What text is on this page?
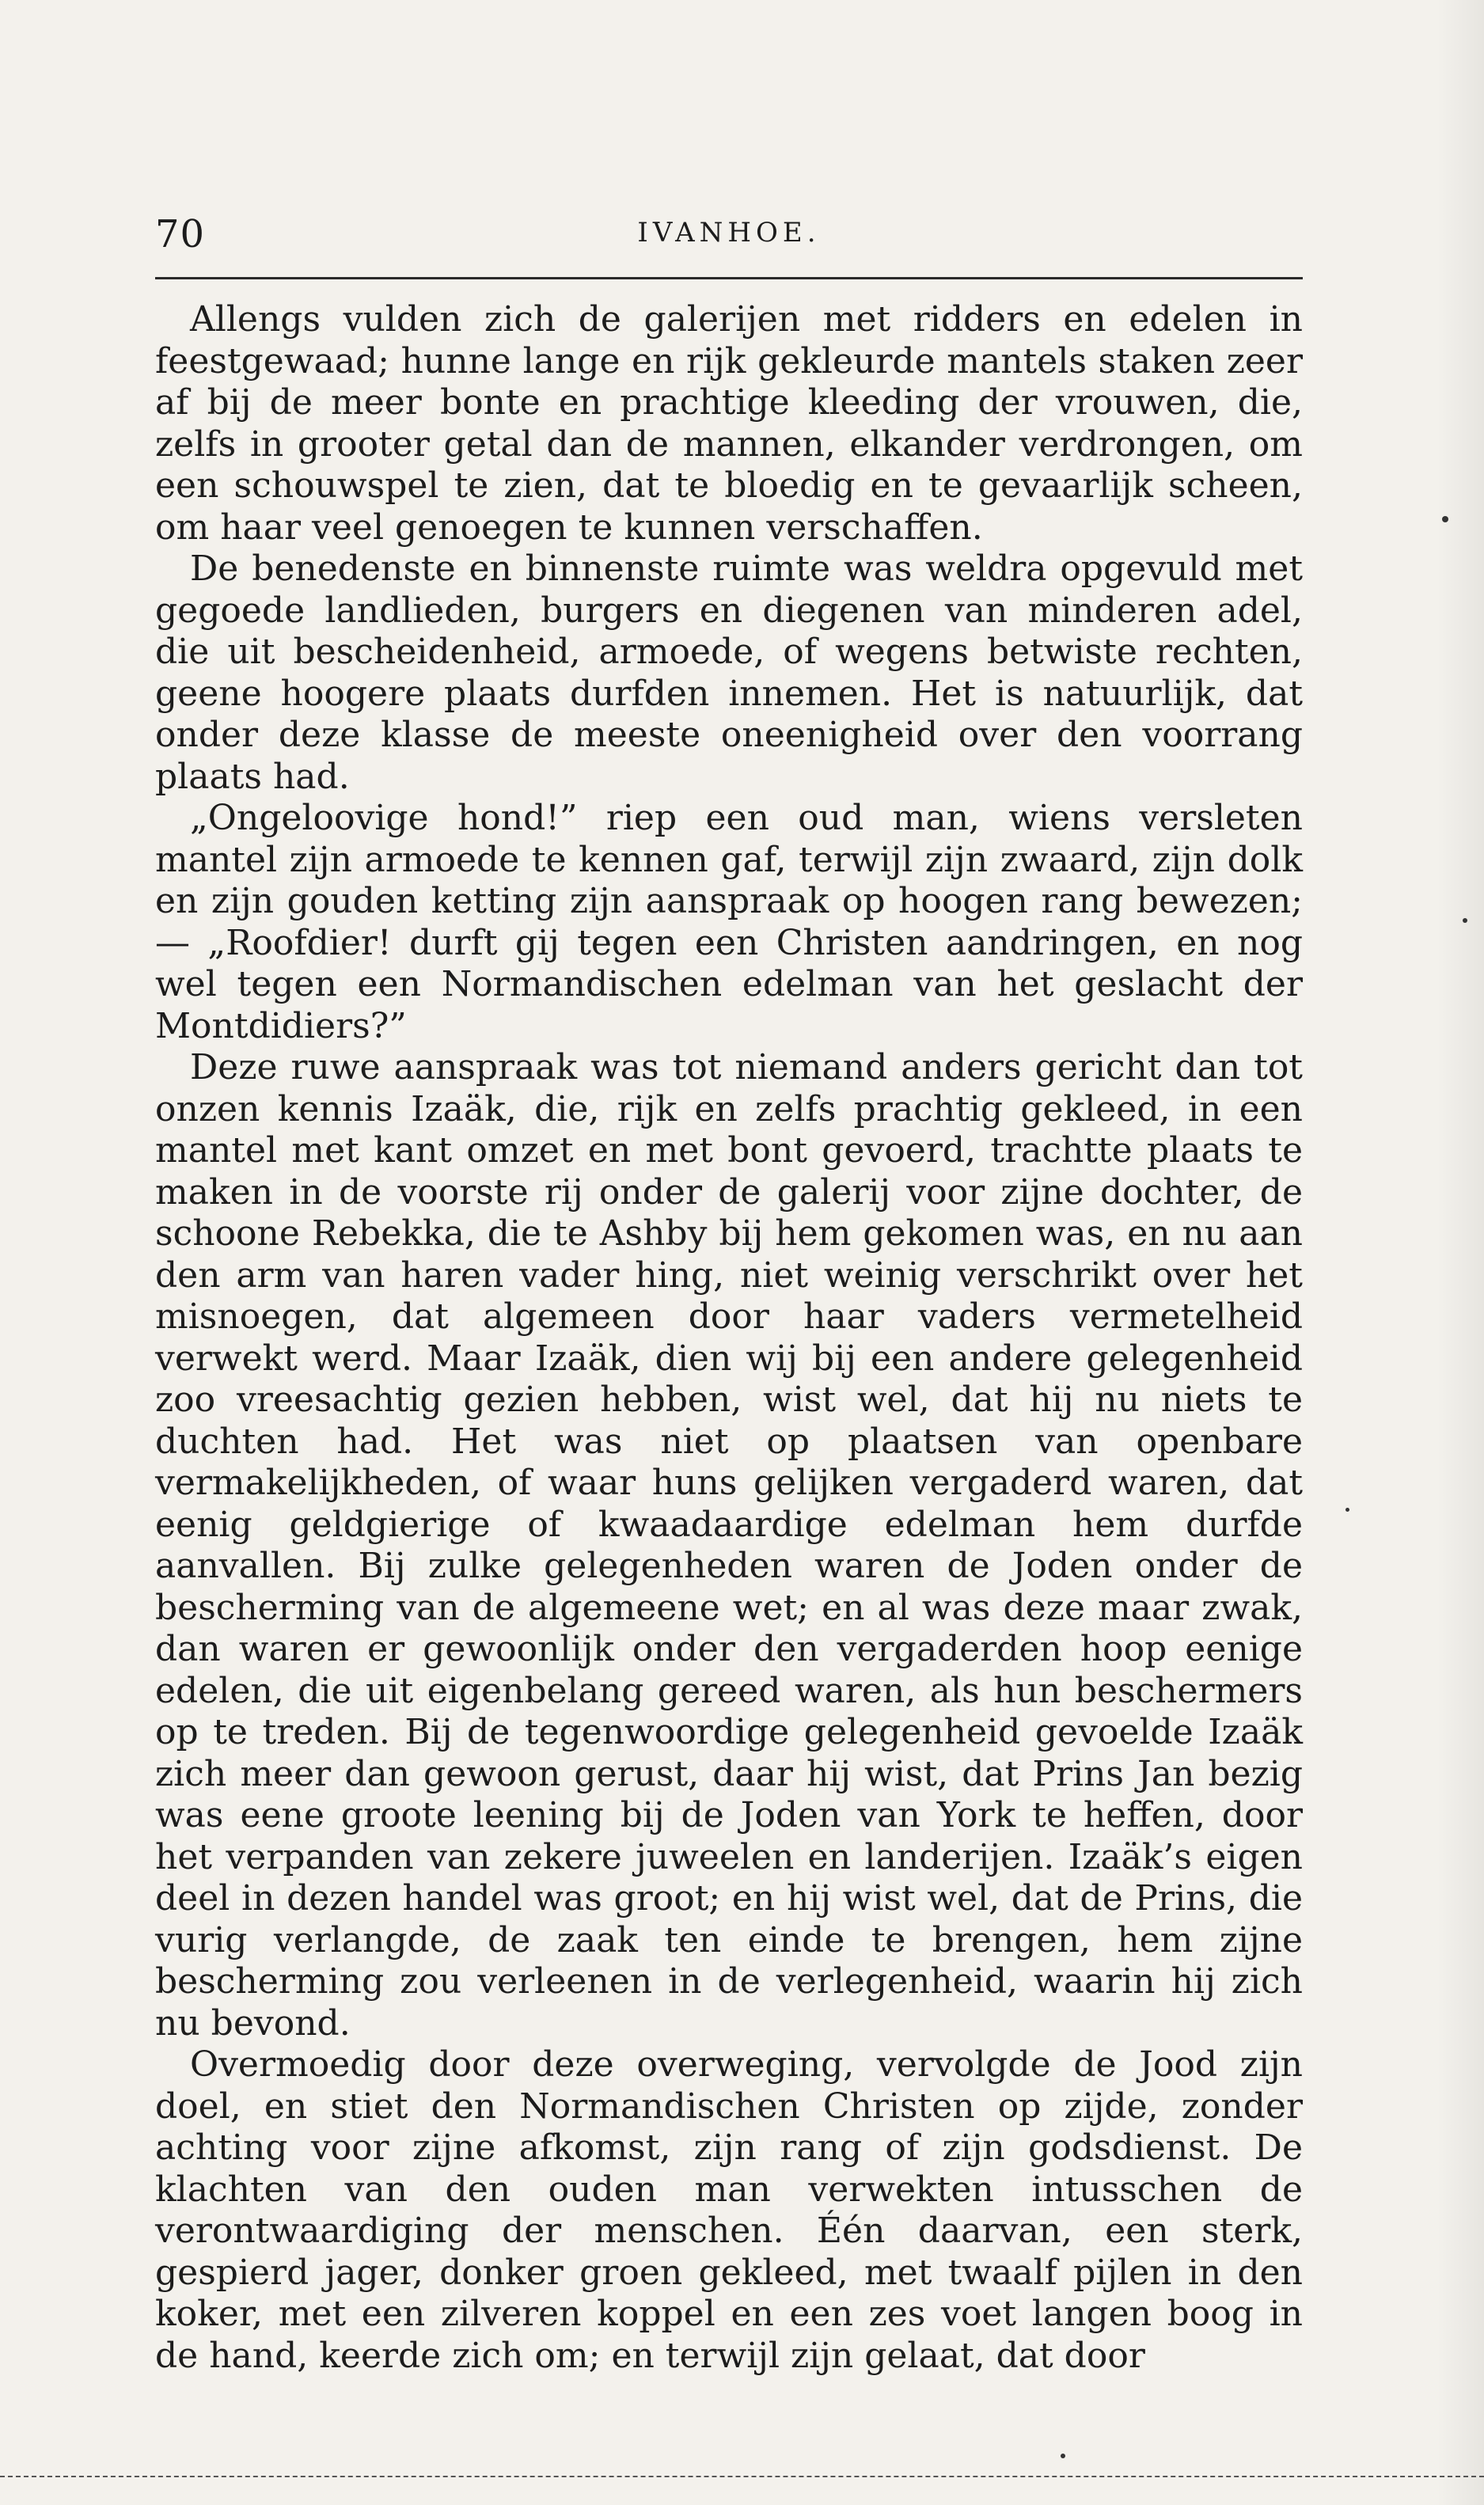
70	IVANHOE.

Allengs vulden zich de galerijen met ridders en edelen in feestgewaad; hunne lange en rijk gekleurde mantels staken zeer af bij de meer bonte en prachtige kleeding der vrouwen, die, zelfs in grooter getal dan de mannen, elkander verdrongen, om een schouwspel te zien, dat te bloedig en te gevaarlijk scheen, om haar veel genoegen te kunnen verschaffen.

De benedenste en binnenste ruimte was weldra opgevuld met gegoede landlieden, burgers en diegenen van minderen adel, die uit bescheidenheid, armoede, of wegens betwiste rechten, geene hoogere plaats durfden innemen. Het is natuurlijk, dat onder deze klasse de meeste oneenigheid over den voorrang plaats had.

„Ongeloovige hond!” riep een oud man, wiens versleten mantel zijn armoede te kennen gaf, terwijl zijn zwaard, zijn dolk en zijn gouden ketting zijn aanspraak op hoogen rang bewezen; — „Roofdier! durft gij tegen een Christen aandringen, en nog wel tegen een Normandischen edelman van het geslacht der Montdidiers?”

Deze ruwe aanspraak was tot niemand anders gericht dan tot onzen kennis Izaäk, die, rijk en zelfs prachtig gekleed, in een mantel met kant omzet en met bont gevoerd, trachtte plaats te maken in de voorste rij onder de galerij voor zijne dochter, de schoone Rebekka, die te Ashby bij hem gekomen was, en nu aan den arm van haren vader hing, niet weinig verschrikt over het misnoegen, dat algemeen door haar vaders vermetelheid verwekt werd. Maar Izaäk, dien wij bij een andere gelegenheid zoo vreesachtig gezien hebben, wist wel, dat hij nu niets te duchten had. Het was niet op plaatsen van openbare vermakelijkheden, of waar huns gelijken vergaderd waren, dat eenig geldgierige of kwaadaardige edelman hem durfde aanvallen. Bij zulke gelegenheden waren de Joden onder de bescherming van de algemeene wet; en al was deze maar zwak, dan waren er gewoonlijk onder den vergaderden hoop eenige edelen, die uit eigenbelang gereed waren, als hun beschermers op te treden. Bij de tegenwoordige gelegenheid gevoelde Izaäk zich meer dan gewoon gerust, daar hij wist, dat Prins Jan bezig was eene groote leening bij de Joden van York te heffen, door het verpanden van zekere juweelen en landerijen. Izaäk’s eigen deel in dezen handel was groot; en hij wist wel, dat de Prins, die vurig verlangde, de zaak ten einde te brengen, hem zijne bescherming zou verleenen in de verlegenheid, waarin hij zich nu bevond.

Overmoedig door deze overweging, vervolgde de Jood zijn doel, en stiet den Normandischen Christen op zijde, zonder achting voor zijne afkomst, zijn rang of zijn godsdienst. De klachten van den ouden man verwekten intusschen de verontwaardiging der menschen. Één daarvan, een sterk, gespierd jager, donker groen gekleed, met twaalf pijlen in den koker, met een zilveren koppel en een zes voet langen boog in de hand, keerde zich om; en terwijl zijn gelaat, dat door
